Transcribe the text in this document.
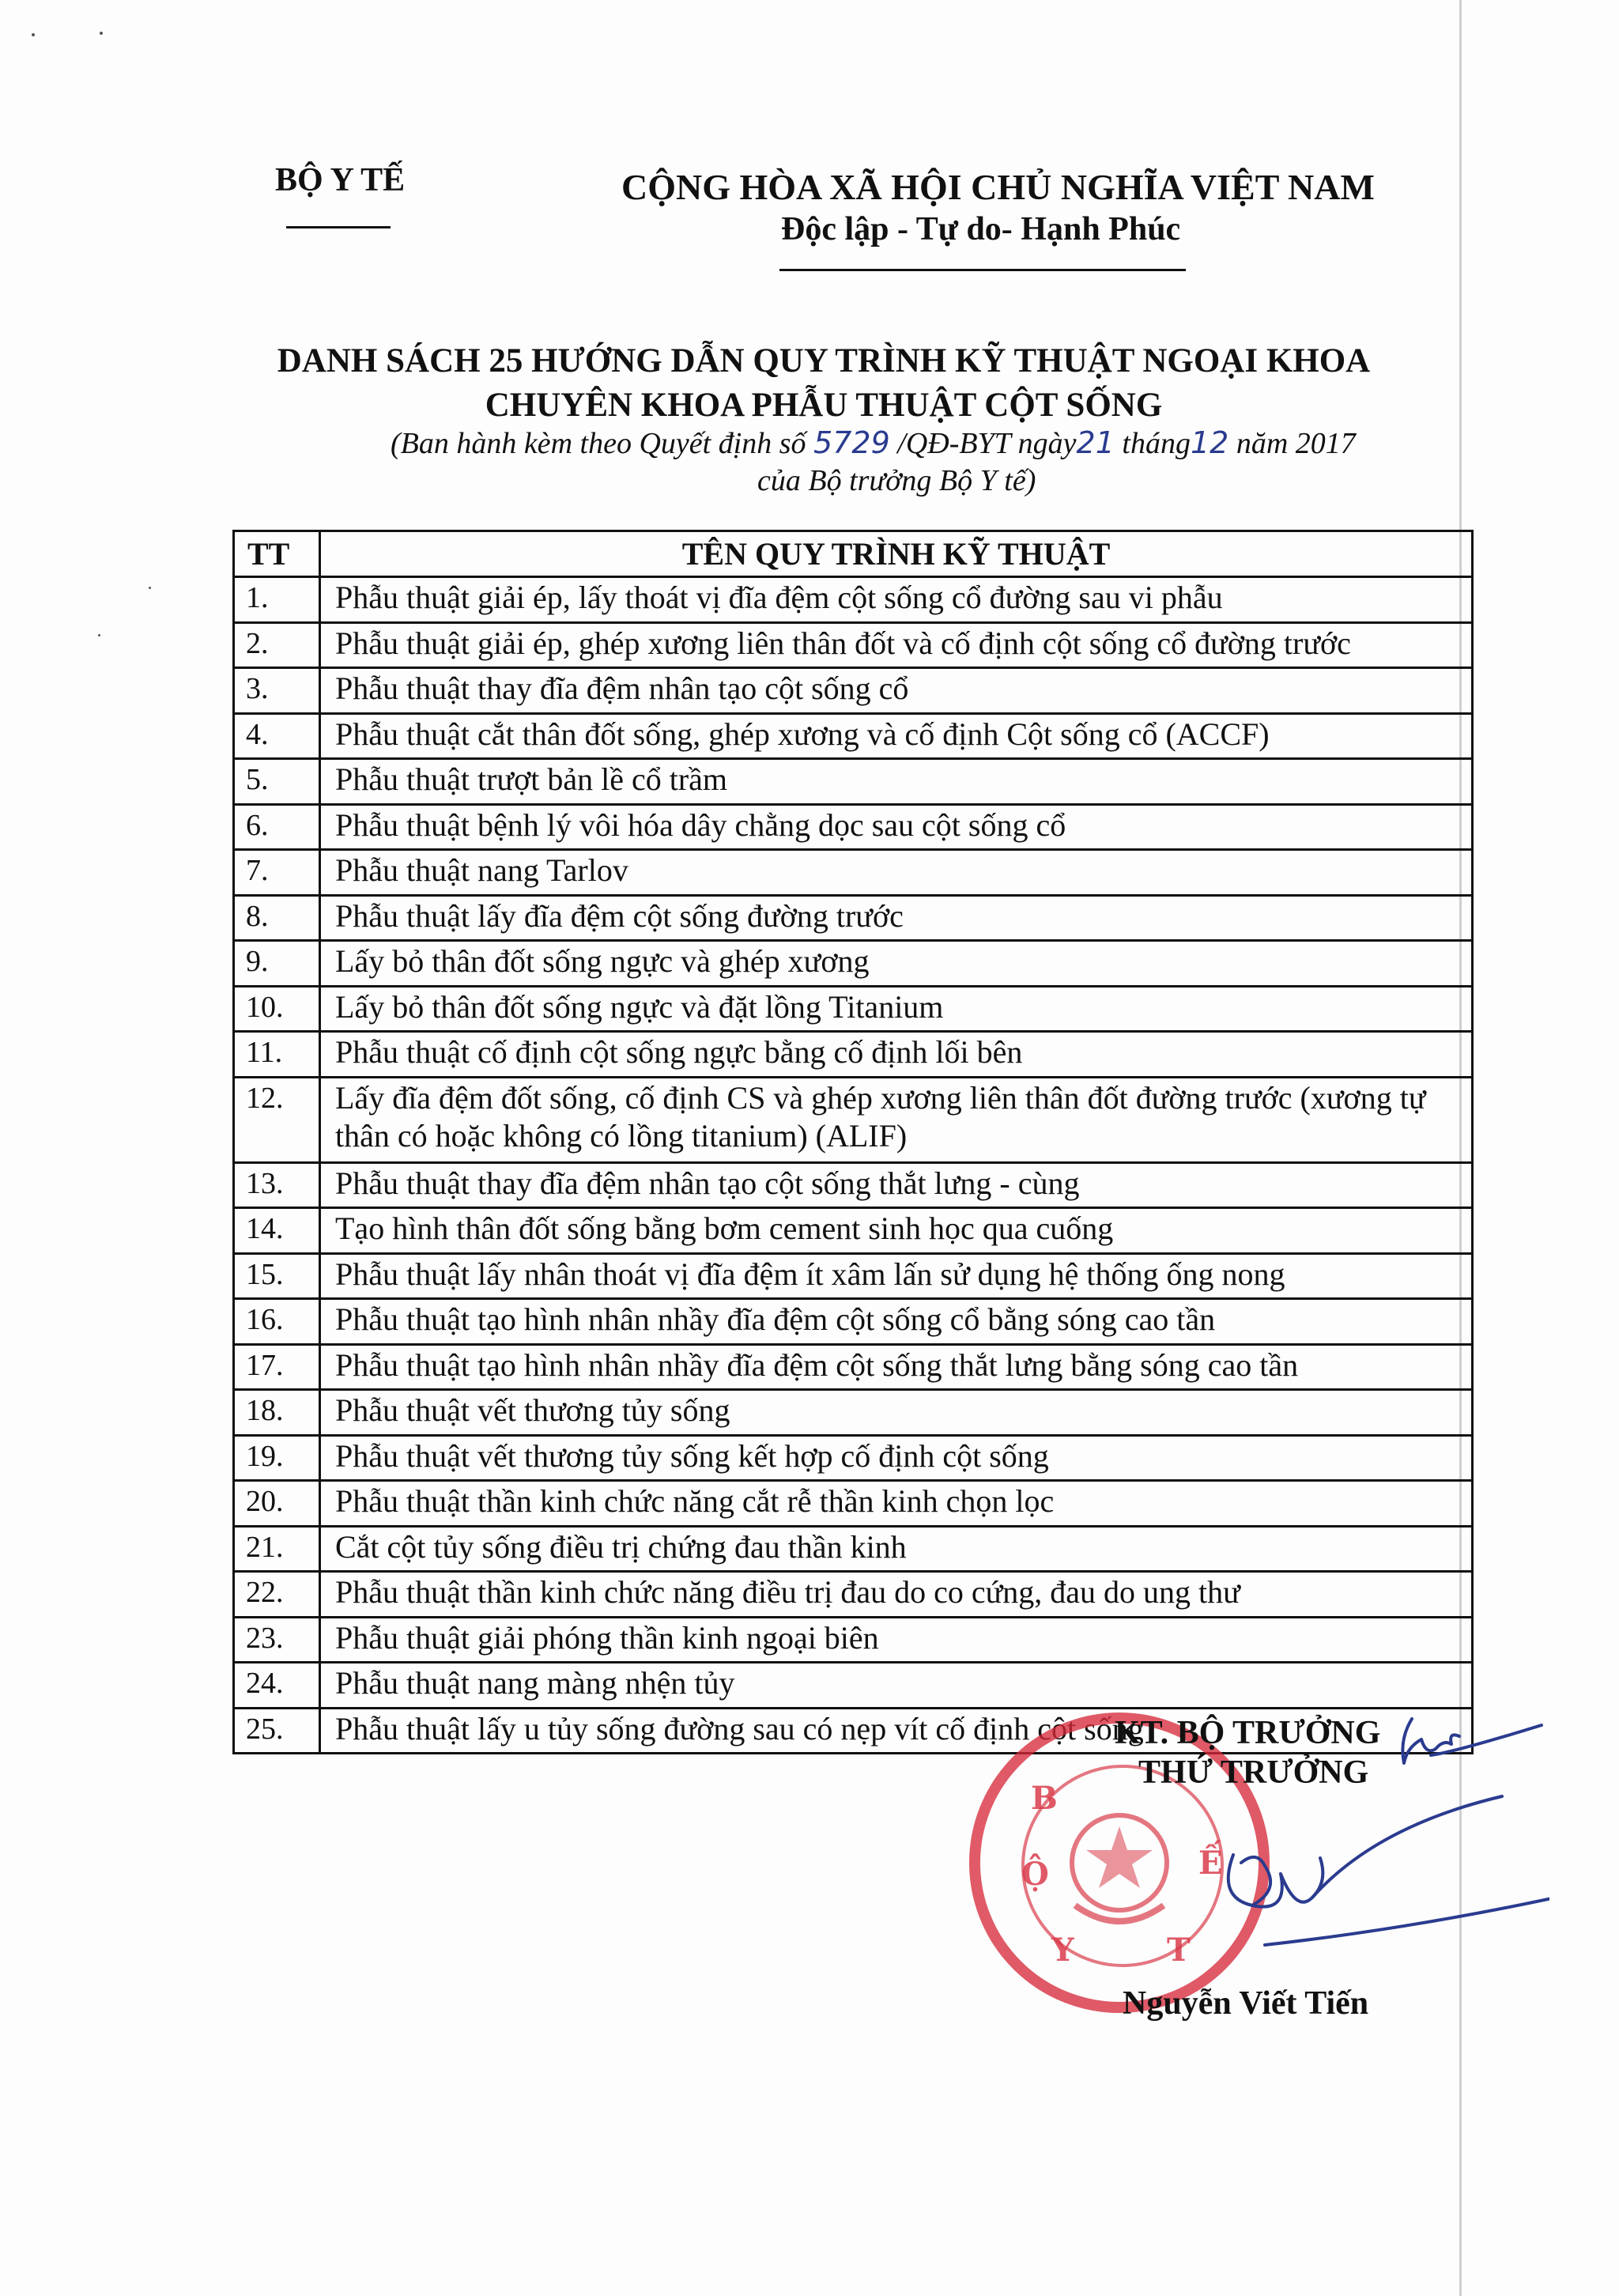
BỘ Y TẾ	CỘNG HÒA XÃ HỘI CHỦ NGHĨA VIỆT NAM
Độc lập - Tự do- Hạnh Phúc
DANH SÁCH 25 HƯỚNG DẪN QUY TRÌNH KỸ THUẬT NGOẠI KHOA
CHUYÊN KHOA PHẪU THUẬT CỘT SỐNG
(Ban hành kèm theo Quyết định số 5729 /QĐ-BYT ngày21 tháng12 năm 2017
của Bộ trưởng Bộ Y tế)
TT	TÊN QUY TRÌNH KỸ THUẬT
1.	Phẫu thuật giải ép, lấy thoát vị đĩa đệm cột sống cổ đường sau vi phẫu
2.	Phẫu thuật giải ép, ghép xương liên thân đốt và cố định cột sống cổ đường trước
3.	Phẫu thuật thay đĩa đệm nhân tạo cột sống cổ
4.	Phẫu thuật cắt thân đốt sống, ghép xương và cố định Cột sống cổ (ACCF)
5.	Phẫu thuật trượt bản lề cổ trầm
6.	Phẫu thuật bệnh lý vôi hóa dây chằng dọc sau cột sống cổ
7.	Phẫu thuật nang Tarlov
8.	Phẫu thuật lấy đĩa đệm cột sống đường trước
9.	Lấy bỏ thân đốt sống ngực và ghép xương
10.	Lấy bỏ thân đốt sống ngực và đặt lồng Titanium
11.	Phẫu thuật cố định cột sống ngực bằng cố định lối bên
12.	Lấy đĩa đệm đốt sống, cố định CS và ghép xương liên thân đốt đường trước (xương tự thân có hoặc không có lồng titanium) (ALIF)
13.	Phẫu thuật thay đĩa đệm nhân tạo cột sống thắt lưng - cùng
14.	Tạo hình thân đốt sống bằng bơm cement sinh học qua cuống
15.	Phẫu thuật lấy nhân thoát vị đĩa đệm ít xâm lấn sử dụng hệ thống ống nong
16.	Phẫu thuật tạo hình nhân nhầy đĩa đệm cột sống cổ bằng sóng cao tần
17.	Phẫu thuật tạo hình nhân nhầy đĩa đệm cột sống thắt lưng bằng sóng cao tần
18.	Phẫu thuật vết thương tủy sống
19.	Phẫu thuật vết thương tủy sống kết hợp cố định cột sống
20.	Phẫu thuật thần kinh chức năng cắt rễ thần kinh chọn lọc
21.	Cắt cột tủy sống điều trị chứng đau thần kinh
22.	Phẫu thuật thần kinh chức năng điều trị đau do co cứng, đau do ung thư
23.	Phẫu thuật giải phóng thần kinh ngoại biên
24.	Phẫu thuật nang màng nhện tủy
25.	Phẫu thuật lấy u tủy sống đường sau có nẹp vít cố định cột sống
Ộ
B
Y	T
Ế
KT. BỘ TRƯỞNG
THỨ TRƯỞNG
Nguyễn Viết Tiến
